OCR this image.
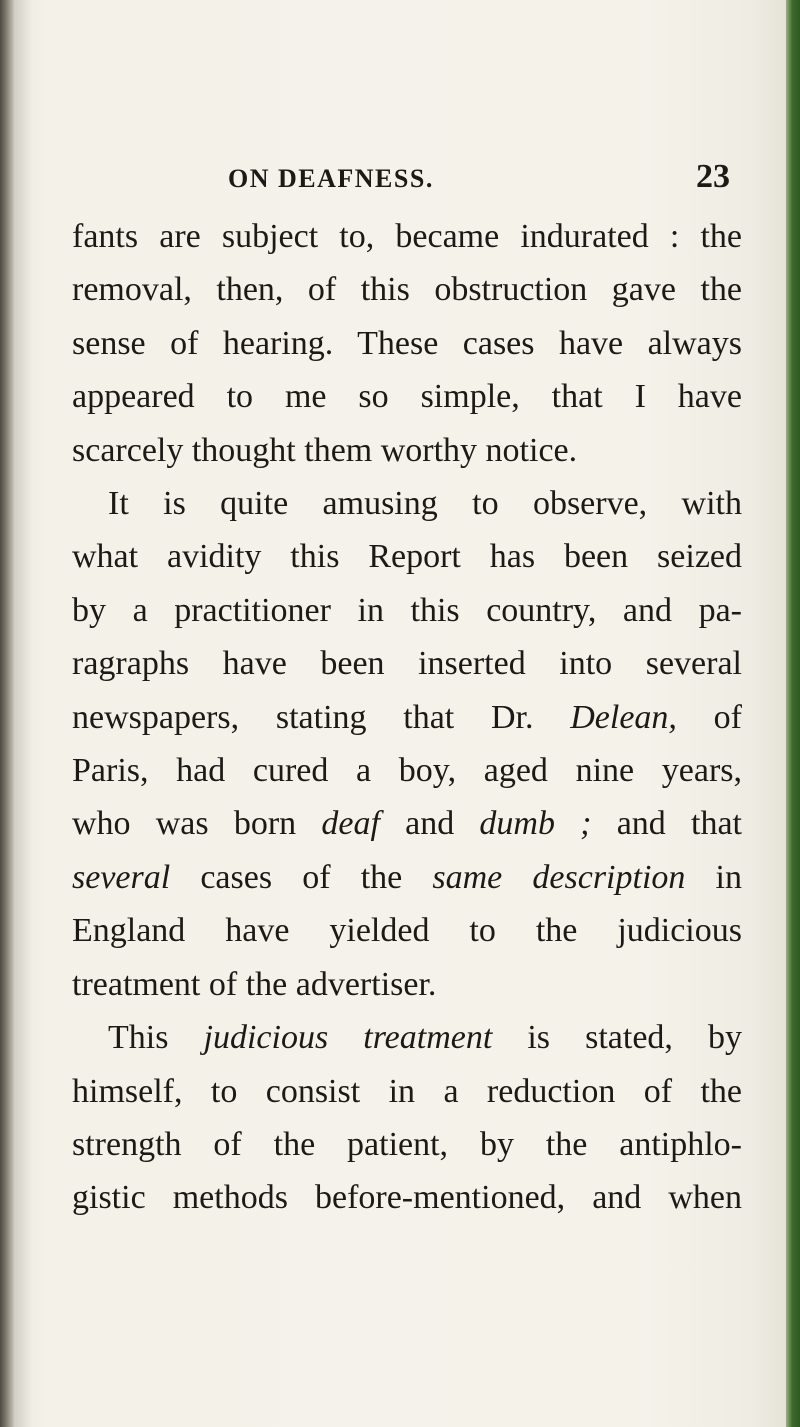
ON DEAFNESS.	23
fants are subject to, became indurated : the
removal, then, of this obstruction gave the
sense of hearing. These cases have always
appeared to me so simple, that I have
scarcely thought them worthy notice.
It is quite amusing to observe, with
what avidity this Report has been seized
by a practitioner in this country, and pa-
ragraphs have been inserted into several
newspapers, stating that Dr. Delean, of
Paris, had cured a boy, aged nine years,
who was born deaf and dumb ; and that
several cases of the same description in
England have yielded to the judicious
treatment of the advertiser.
This judicious treatment is stated, by
himself, to consist in a reduction of the
strength of the patient, by the antiphlo-
gistic methods before-mentioned, and when
